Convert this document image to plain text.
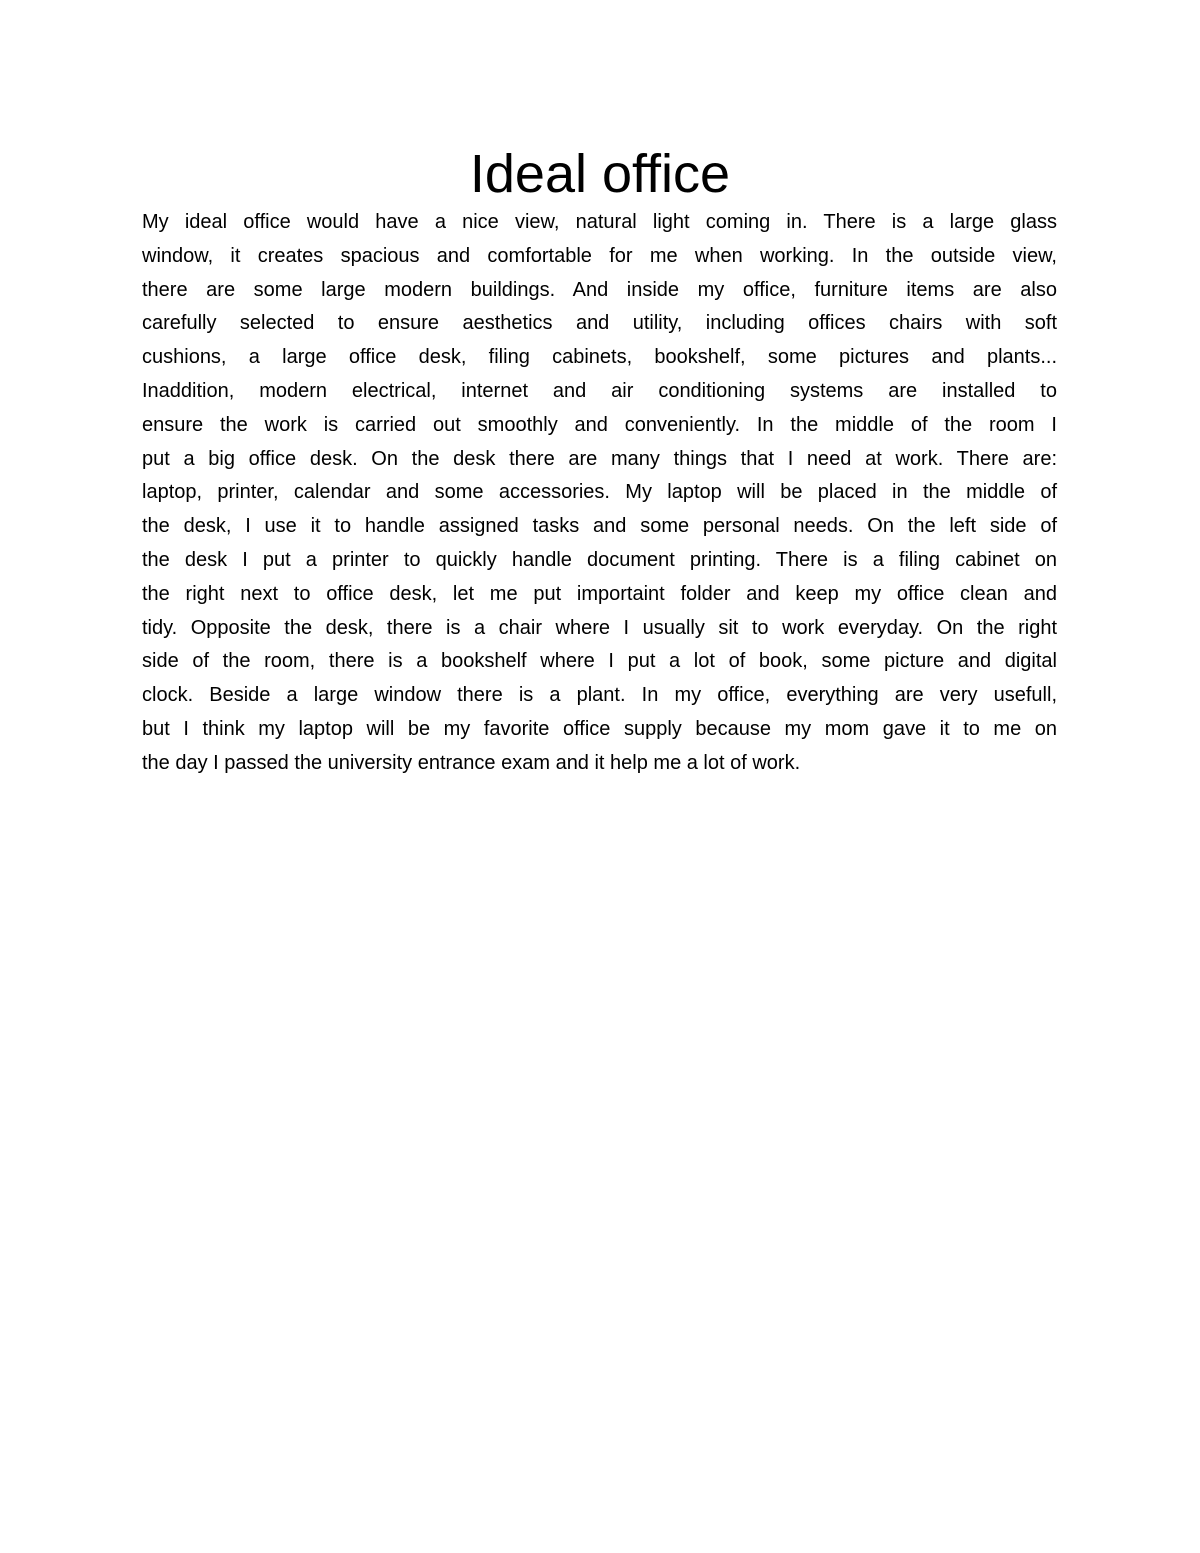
Ideal office
My ideal office would have a nice view, natural light coming in. There is a large glass
window, it creates spacious and comfortable for me when working. In the outside view,
there are some large modern buildings. And inside my office, furniture items are also
carefully selected to ensure aesthetics and utility, including offices chairs with soft
cushions, a large office desk, filing cabinets, bookshelf, some pictures and plants...
Inaddition, modern electrical, internet and air conditioning systems are installed to
ensure the work is carried out smoothly and conveniently. In the middle of the room I
put a big office desk. On the desk there are many things that I need at work. There are:
laptop, printer, calendar and some accessories. My laptop will be placed in the middle of
the desk, I use it to handle assigned tasks and some personal needs. On the left side of
the desk I put a printer to quickly handle document printing. There is a filing cabinet on
the right next to office desk, let me put importaint folder and keep my office clean and
tidy. Opposite the desk, there is a chair where I usually sit to work everyday. On the right
side of the room, there is a bookshelf where I put a lot of book, some picture and digital
clock. Beside a large window there is a plant. In my office, everything are very usefull,
but I think my laptop will be my favorite office supply because my mom gave it to me on
the day I passed the university entrance exam and it help me a lot of work.
